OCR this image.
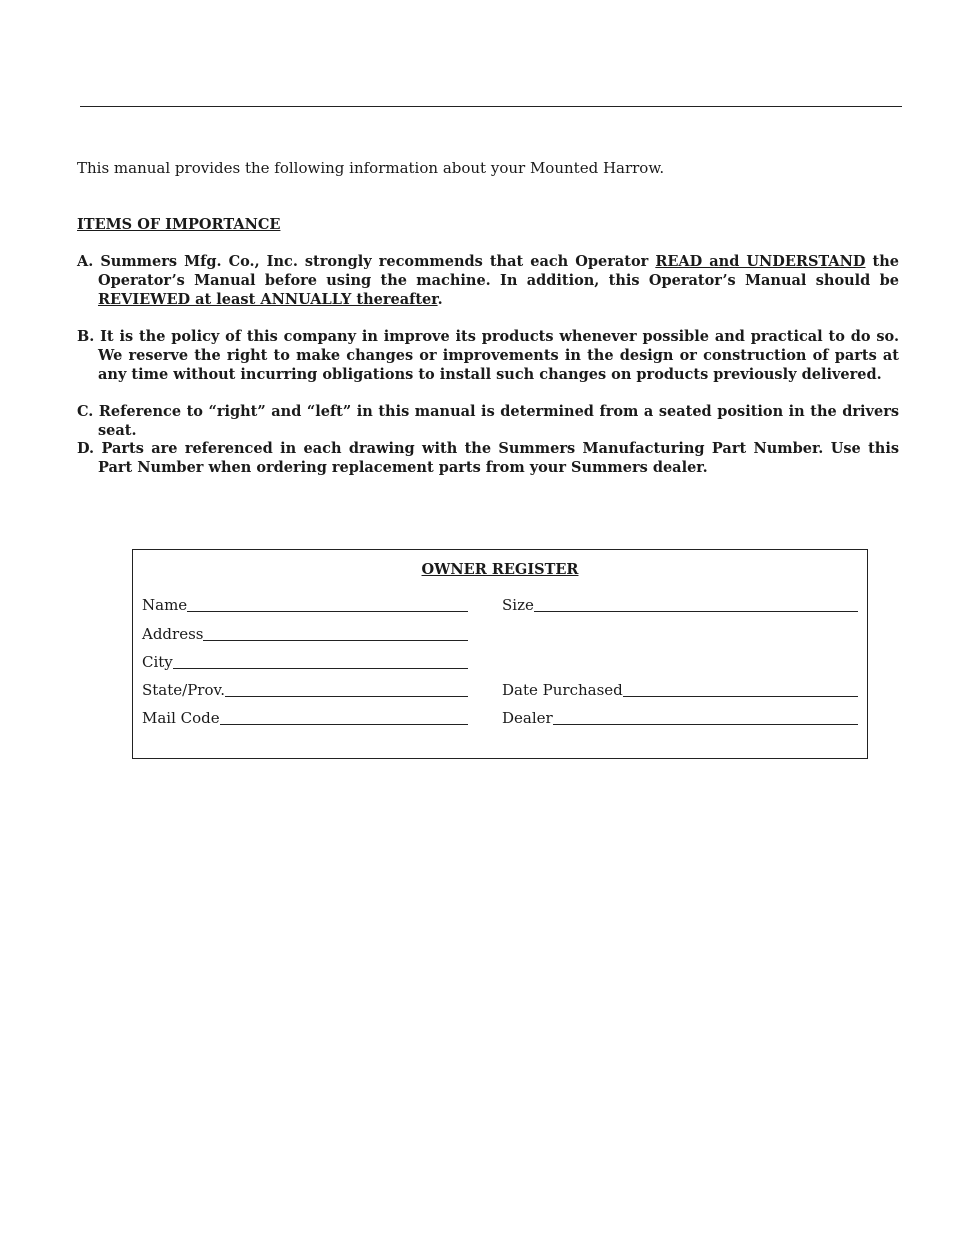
This manual provides the following information about your Mounted Harrow.

ITEMS OF IMPORTANCE

A. Summers Mfg. Co., Inc. strongly recommends that each Operator READ and UNDERSTAND the Operator’s Manual before using the machine. In addition, this Operator’s Manual should be REVIEWED at least ANNUALLY thereafter.

B. It is the policy of this company in improve its products whenever possible and practical to do so. We reserve the right to make changes or improvements in the design or construction of parts at any time without incurring obligations to install such changes on products previously delivered.

C. Reference to “right” and “left” in this manual is determined from a seated position in the drivers seat.

D. Parts are referenced in each drawing with the Summers Manufacturing Part Number. Use this Part Number when ordering replacement parts from your Summers dealer.

OWNER REGISTER

Name
Address
City
State/Prov.
Mail Code
Size
Date Purchased
Dealer
